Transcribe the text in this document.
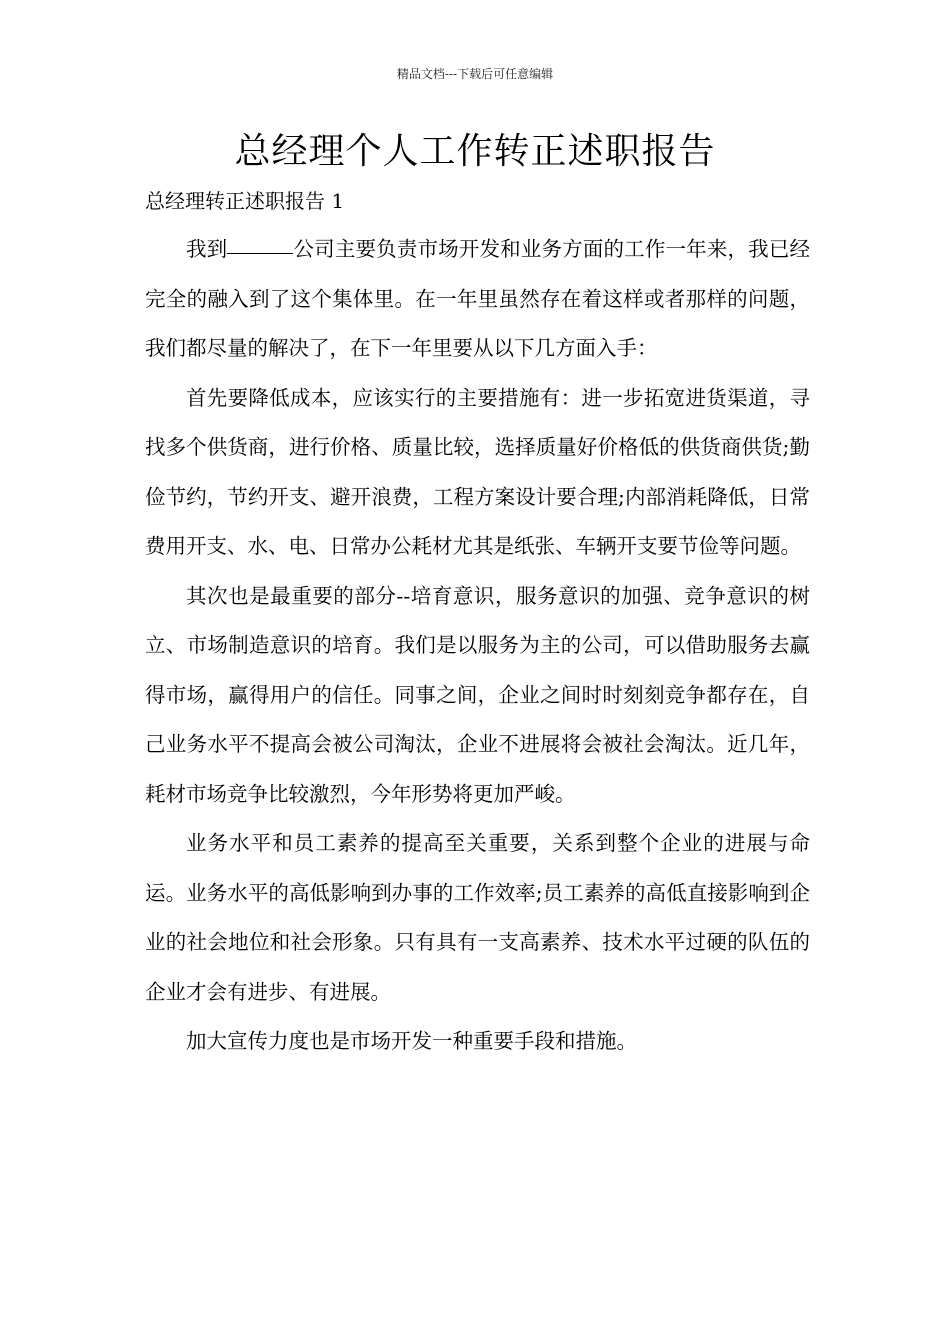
精品文档---下载后可任意编辑
总经理个人工作转正述职报告
总经理转正述职报告 1

我到	公司主要负责市场开发和业务方面的工作一年来，我已经完全的融入到了这个集体里。在一年里虽然存在着这样或者那样的问题，我们都尽量的解决了，在下一年里要从以下几方面入手：

首先要降低成本，应该实行的主要措施有：进一步拓宽进货渠道，寻找多个供货商，进行价格、质量比较，选择质量好价格低的供货商供货;勤俭节约，节约开支、避开浪费，工程方案设计要合理;内部消耗降低，日常费用开支、水、电、日常办公耗材尤其是纸张、车辆开支要节俭等问题。

其次也是最重要的部分--培育意识，服务意识的加强、竞争意识的树立、市场制造意识的培育。我们是以服务为主的公司，可以借助服务去赢得市场，赢得用户的信任。同事之间，企业之间时时刻刻竞争都存在，自己业务水平不提高会被公司淘汰，企业不进展将会被社会淘汰。近几年，耗材市场竞争比较激烈，今年形势将更加严峻。

业务水平和员工素养的提高至关重要，关系到整个企业的进展与命运。业务水平的高低影响到办事的工作效率;员工素养的高低直接影响到企业的社会地位和社会形象。只有具有一支高素养、技术水平过硬的队伍的企业才会有进步、有进展。

加大宣传力度也是市场开发一种重要手段和措施。
